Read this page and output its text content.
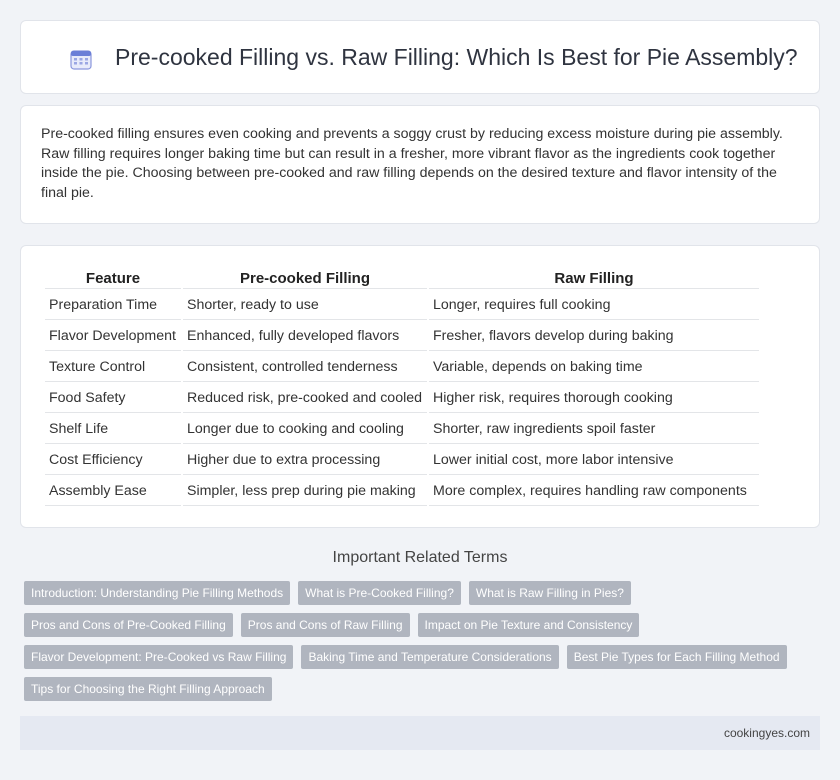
Pre-cooked Filling vs. Raw Filling: Which Is Best for Pie Assembly?

Pre-cooked filling ensures even cooking and prevents a soggy crust by reducing excess moisture during pie assembly. Raw filling requires longer baking time but can result in a fresher, more vibrant flavor as the ingredients cook together inside the pie. Choosing between pre-cooked and raw filling depends on the desired texture and flavor intensity of the final pie.

Feature	Pre-cooked Filling	Raw Filling
Preparation Time	Shorter, ready to use	Longer, requires full cooking
Flavor Development	Enhanced, fully developed flavors	Fresher, flavors develop during baking
Texture Control	Consistent, controlled tenderness	Variable, depends on baking time
Food Safety	Reduced risk, pre-cooked and cooled	Higher risk, requires thorough cooking
Shelf Life	Longer due to cooking and cooling	Shorter, raw ingredients spoil faster
Cost Efficiency	Higher due to extra processing	Lower initial cost, more labor intensive
Assembly Ease	Simpler, less prep during pie making	More complex, requires handling raw components
Important Related Terms
Introduction: Understanding Pie Filling Methods	What is Pre-Cooked Filling?	What is Raw Filling in Pies?
Pros and Cons of Pre-Cooked Filling	Pros and Cons of Raw Filling	Impact on Pie Texture and Consistency
Flavor Development: Pre-Cooked vs Raw Filling	Baking Time and Temperature Considerations	Best Pie Types for Each Filling Method
Tips for Choosing the Right Filling Approach
cookingyes.com
